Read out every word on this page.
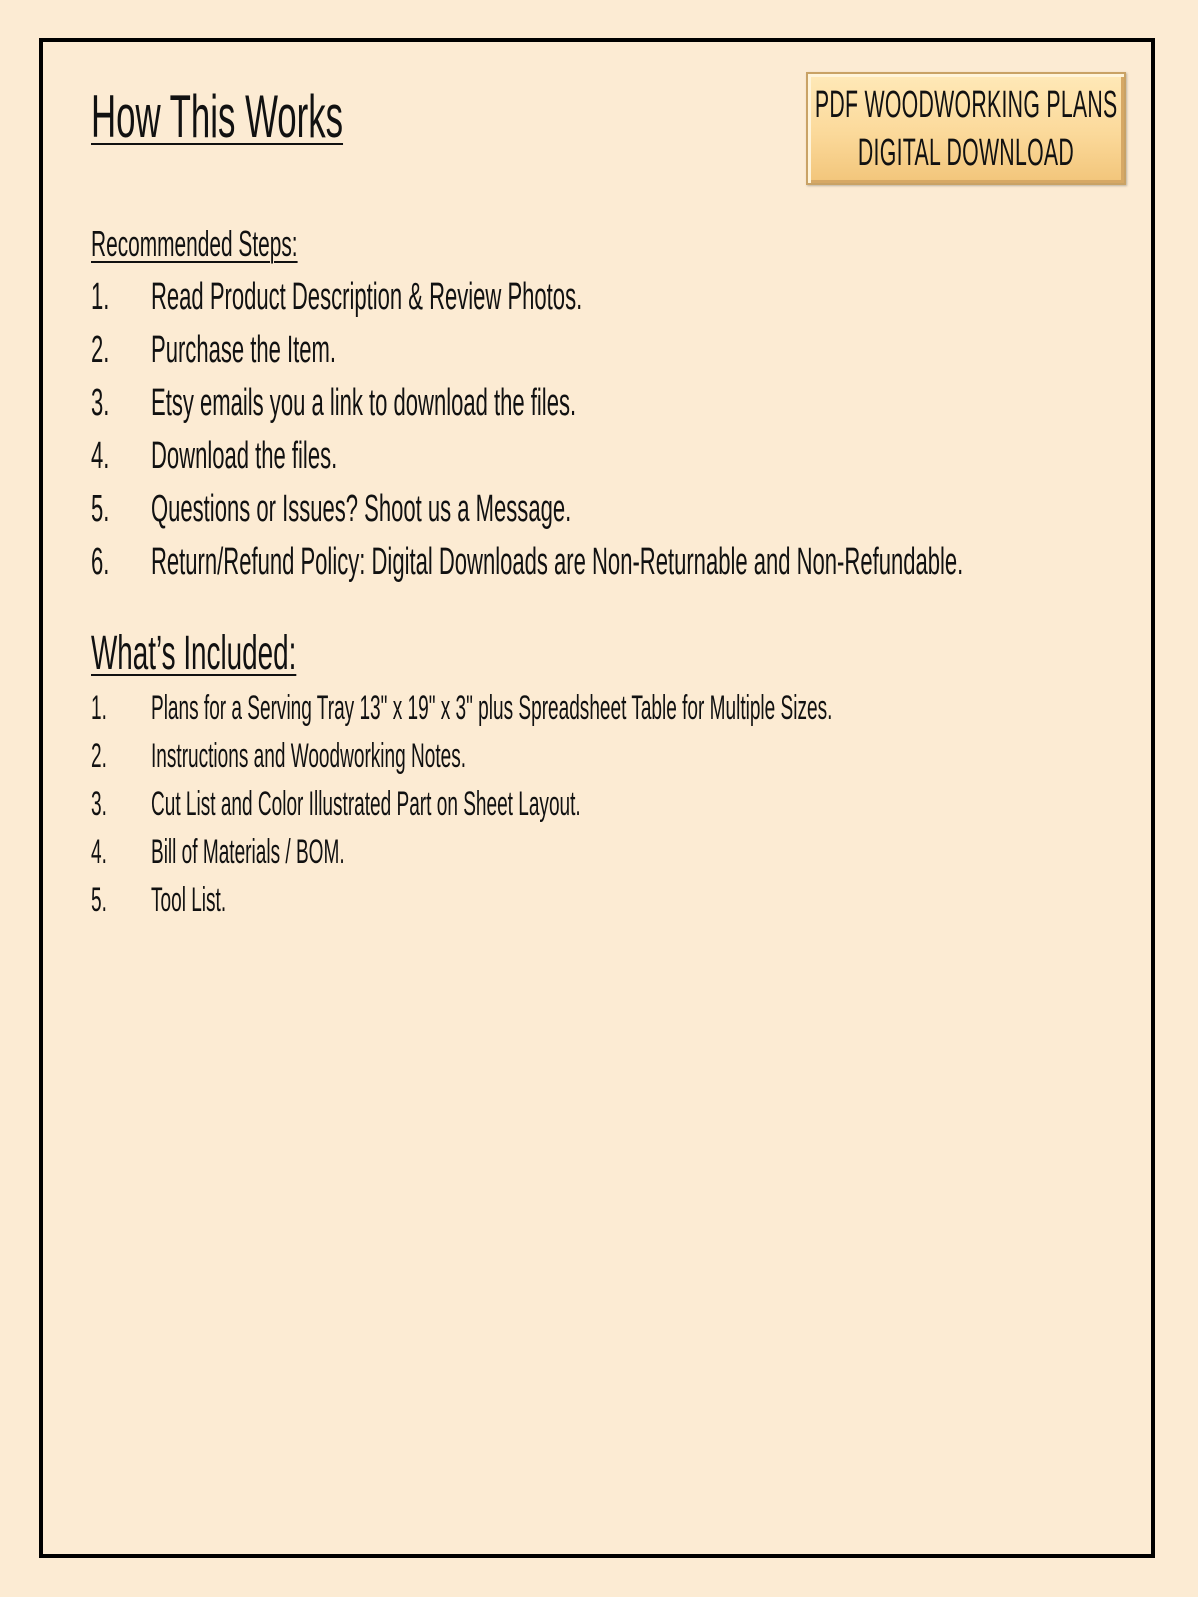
How This Works	PDF WOODWORKING PLANS
DIGITAL DOWNLOAD
Recommended Steps:
1. Read Product Description & Review Photos.
2. Purchase the Item.
3. Etsy emails you a link to download the files.
4. Download the files.
5. Questions or Issues? Shoot us a Message.
6. Return/Refund Policy: Digital Downloads are Non-Returnable and Non-Refundable.
What’s Included:
1. Plans for a Serving Tray 13" x 19" x 3" plus Spreadsheet Table for Multiple Sizes.
2. Instructions and Woodworking Notes.
3. Cut List and Color Illustrated Part on Sheet Layout.
4. Bill of Materials / BOM.
5. Tool List.
